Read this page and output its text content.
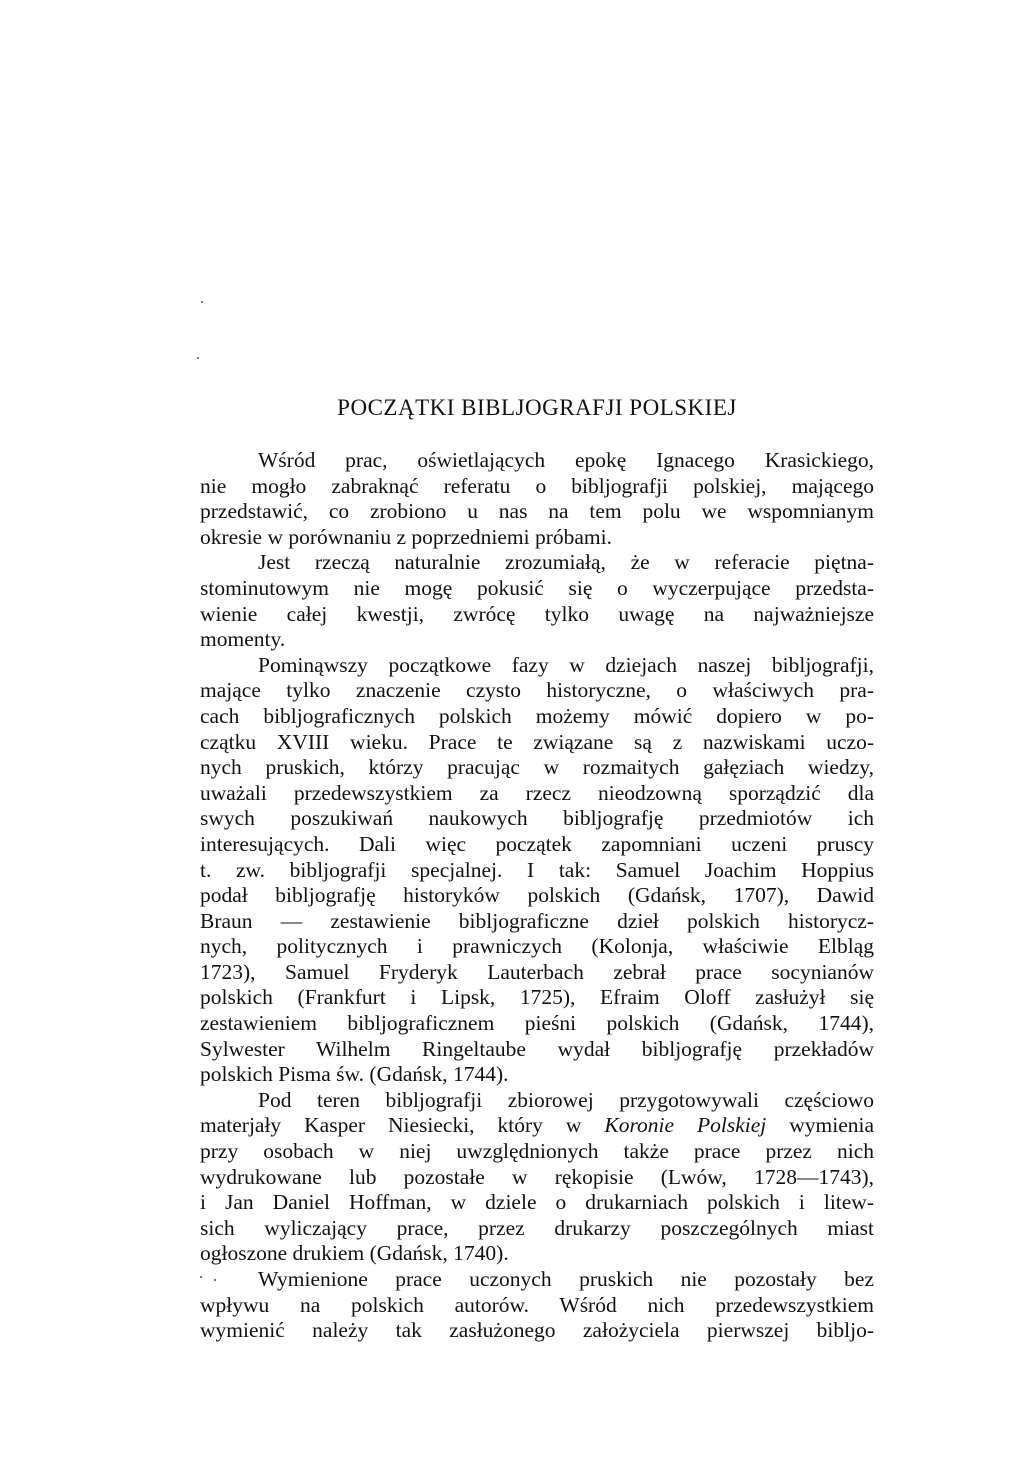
POCZĄTKI BIBLJOGRAFJI POLSKIEJ
Wśród prac, oświetlających epokę Ignacego Krasickiego,
nie mogło zabraknąć referatu o bibljografji polskiej, mającego
przedstawić, co zrobiono u nas na tem polu we wspomnianym
okresie w porównaniu z poprzedniemi próbami.
Jest rzeczą naturalnie zrozumiałą, że w referacie piętna-
stominutowym nie mogę pokusić się o wyczerpujące przedsta-
wienie całej kwestji, zwrócę tylko uwagę na najważniejsze
momenty.
Pominąwszy początkowe fazy w dziejach naszej bibljografji,
mające tylko znaczenie czysto historyczne, o właściwych pra-
cach bibljograficznych polskich możemy mówić dopiero w po-
czątku XVIII wieku. Prace te związane są z nazwiskami uczo-
nych pruskich, którzy pracując w rozmaitych gałęziach wiedzy,
uważali przedewszystkiem za rzecz nieodzowną sporządzić dla
swych poszukiwań naukowych bibljografję przedmiotów ich
interesujących. Dali więc początek zapomniani uczeni pruscy
t. zw. bibljografji specjalnej. I tak: Samuel Joachim Hoppius
podał bibljografję historyków polskich (Gdańsk, 1707), Dawid
Braun — zestawienie bibljograficzne dzieł polskich historycz-
nych, politycznych i prawniczych (Kolonja, właściwie Elbląg
1723), Samuel Fryderyk Lauterbach zebrał prace socynianów
polskich (Frankfurt i Lipsk, 1725), Efraim Oloff zasłużył się
zestawieniem bibljograficznem pieśni polskich (Gdańsk, 1744),
Sylwester Wilhelm Ringeltaube wydał bibljografję przekładów
polskich Pisma św. (Gdańsk, 1744).
Pod teren bibljografji zbiorowej przygotowywali częściowo
materjały Kasper Niesiecki, który w Koronie Polskiej wymienia
przy osobach w niej uwzględnionych także prace przez nich
wydrukowane lub pozostałe w rękopisie (Lwów, 1728—1743),
i Jan Daniel Hoffman, w dziele o drukarniach polskich i litew-
sich wyliczający prace, przez drukarzy poszczególnych miast
ogłoszone drukiem (Gdańsk, 1740).
Wymienione prace uczonych pruskich nie pozostały bez
wpływu na polskich autorów. Wśród nich przedewszystkiem
wymienić należy tak zasłużonego założyciela pierwszej biblјo-
